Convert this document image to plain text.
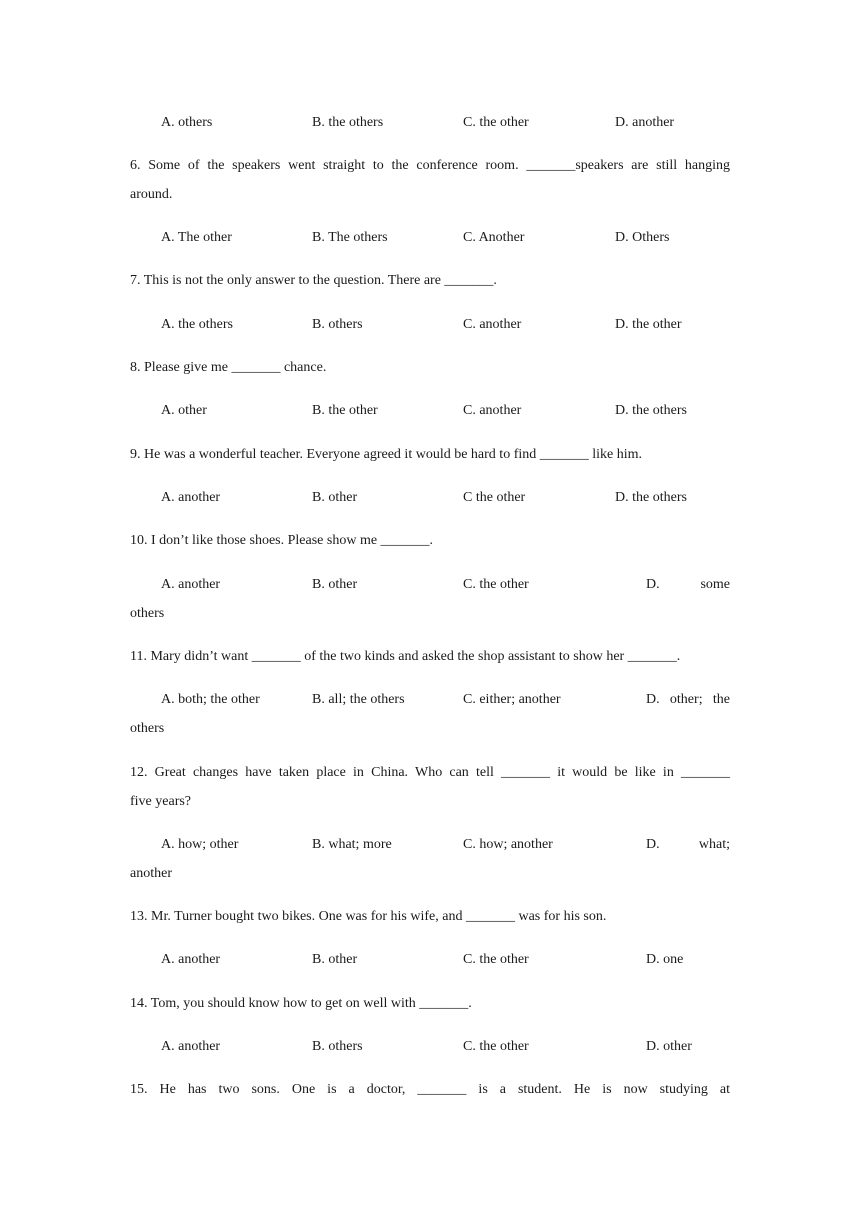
A. others	B. the others	C. the other	D. another
6. Some of the speakers went straight to the conference room. _______speakers are still hanging
around.
A. The other	B. The others	C. Another	D. Others
7. This is not the only answer to the question. There are _______.
A. the others	B. others	C. another	D. the other
8. Please give me _______ chance.
A. other	B. the other	C. another	D. the others
9. He was a wonderful teacher. Everyone agreed it would be hard to find _______ like him.
A. another	B. other	C the other	D. the others
10. I don’t like those shoes. Please show me _______.
A. another	B. other	C. the other	D.	some
others
11. Mary didn’t want _______ of the two kinds and asked the shop assistant to show her _______.
A. both; the other	B. all; the others	C. either; another	D. other; the
others
12. Great changes have taken place in China. Who can tell _______ it would be like in _______
five years?
A. how; other	B. what; more	C. how; another	D.	what;
another
13. Mr. Turner bought two bikes. One was for his wife, and _______ was for his son.
A. another	B. other	C. the other	D. one
14. Tom, you should know how to get on well with _______.
A. another	B. others	C. the other	D. other
15. He has two sons. One is a doctor, _______ is a student. He is now studying at
